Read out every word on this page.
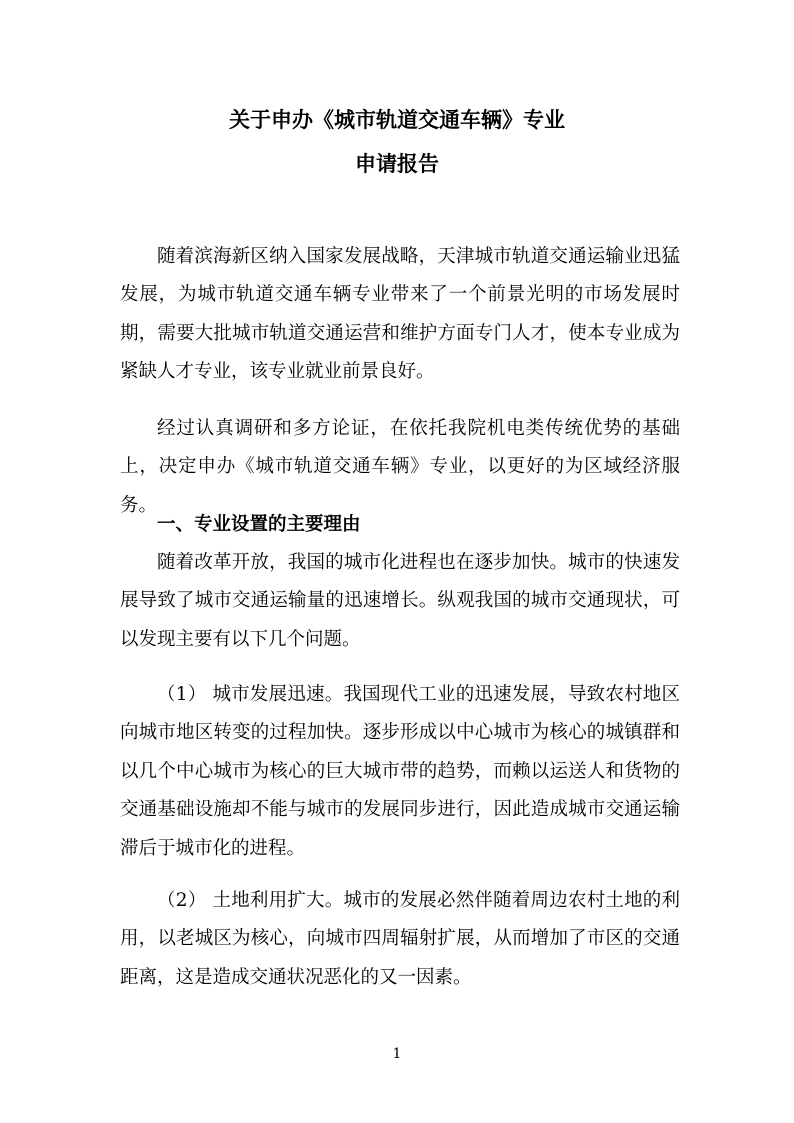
关于申办《城市轨道交通车辆》专业
申请报告

随着滨海新区纳入国家发展战略，天津城市轨道交通运输业迅猛发展，为城市轨道交通车辆专业带来了一个前景光明的市场发展时期，需要大批城市轨道交通运营和维护方面专门人才，使本专业成为紧缺人才专业，该专业就业前景良好。

经过认真调研和多方论证，在依托我院机电类传统优势的基础上，决定申办《城市轨道交通车辆》专业，以更好的为区域经济服务。

一、专业设置的主要理由

随着改革开放，我国的城市化进程也在逐步加快。城市的快速发展导致了城市交通运输量的迅速增长。纵观我国的城市交通现状，可以发现主要有以下几个问题。

（1） 城市发展迅速。我国现代工业的迅速发展，导致农村地区向城市地区转变的过程加快。逐步形成以中心城市为核心的城镇群和以几个中心城市为核心的巨大城市带的趋势，而赖以运送人和货物的交通基础设施却不能与城市的发展同步进行，因此造成城市交通运输滞后于城市化的进程。

（2） 土地利用扩大。城市的发展必然伴随着周边农村土地的利用，以老城区为核心，向城市四周辐射扩展，从而增加了市区的交通距离，这是造成交通状况恶化的又一因素。

1
